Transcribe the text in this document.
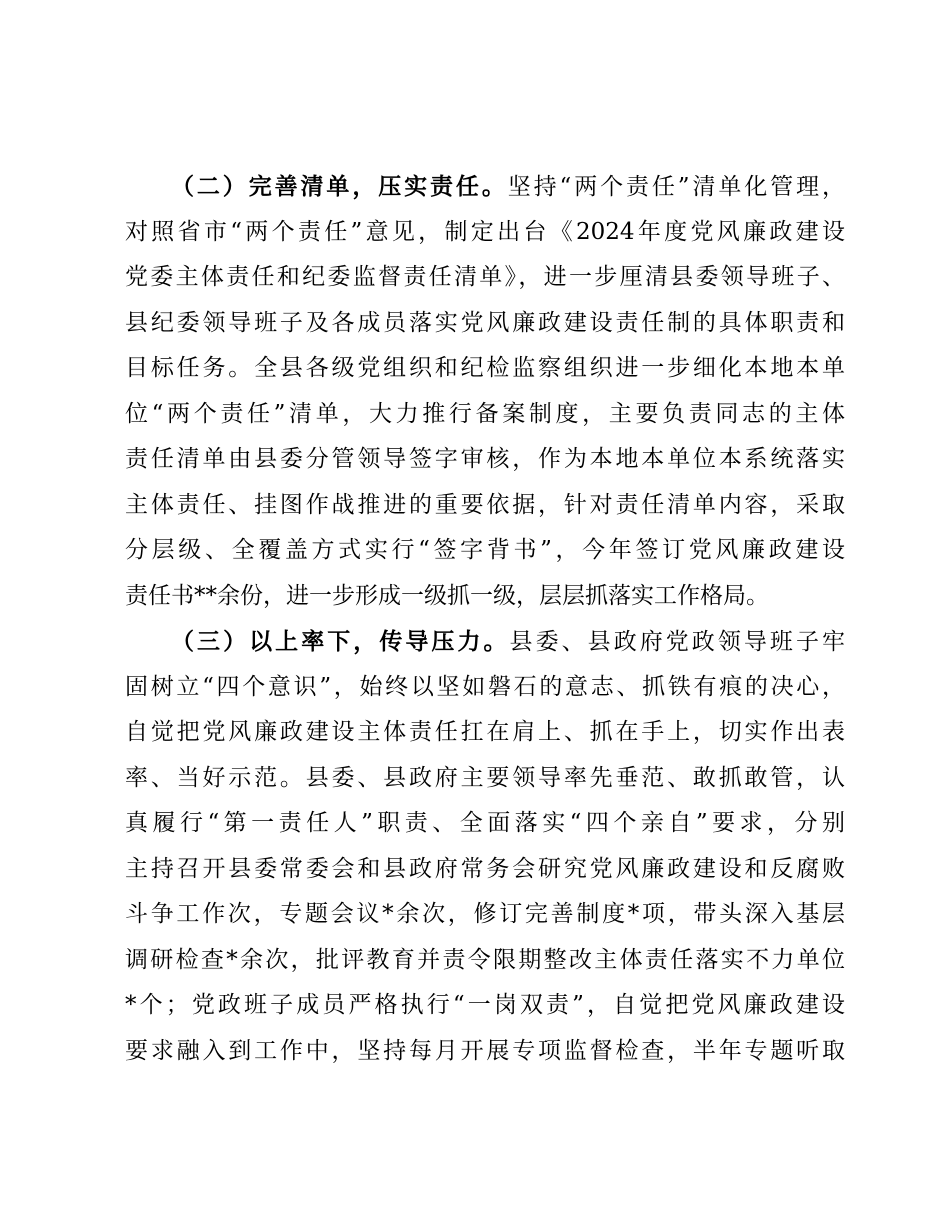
（二）完善清单，压实责任。坚持“两个责任”清单化管理，
对照省市“两个责任”意见，制定出台《2024年度党风廉政建设
党委主体责任和纪委监督责任清单》，进一步厘清县委领导班子、
县纪委领导班子及各成员落实党风廉政建设责任制的具体职责和
目标任务。全县各级党组织和纪检监察组织进一步细化本地本单
位“两个责任”清单，大力推行备案制度，主要负责同志的主体
责任清单由县委分管领导签字审核，作为本地本单位本系统落实
主体责任、挂图作战推进的重要依据，针对责任清单内容，采取
分层级、全覆盖方式实行“签字背书”，今年签订党风廉政建设
责任书**余份，进一步形成一级抓一级，层层抓落实工作格局。
（三）以上率下，传导压力。县委、县政府党政领导班子牢
固树立“四个意识”，始终以坚如磐石的意志、抓铁有痕的决心，
自觉把党风廉政建设主体责任扛在肩上、抓在手上，切实作出表
率、当好示范。县委、县政府主要领导率先垂范、敢抓敢管，认
真履行“第一责任人”职责、全面落实“四个亲自”要求，分别
主持召开县委常委会和县政府常务会研究党风廉政建设和反腐败
斗争工作次，专题会议*余次，修订完善制度*项，带头深入基层
调研检查*余次，批评教育并责令限期整改主体责任落实不力单位
*个；党政班子成员严格执行“一岗双责”，自觉把党风廉政建设
要求融入到工作中，坚持每月开展专项监督检查，半年专题听取
